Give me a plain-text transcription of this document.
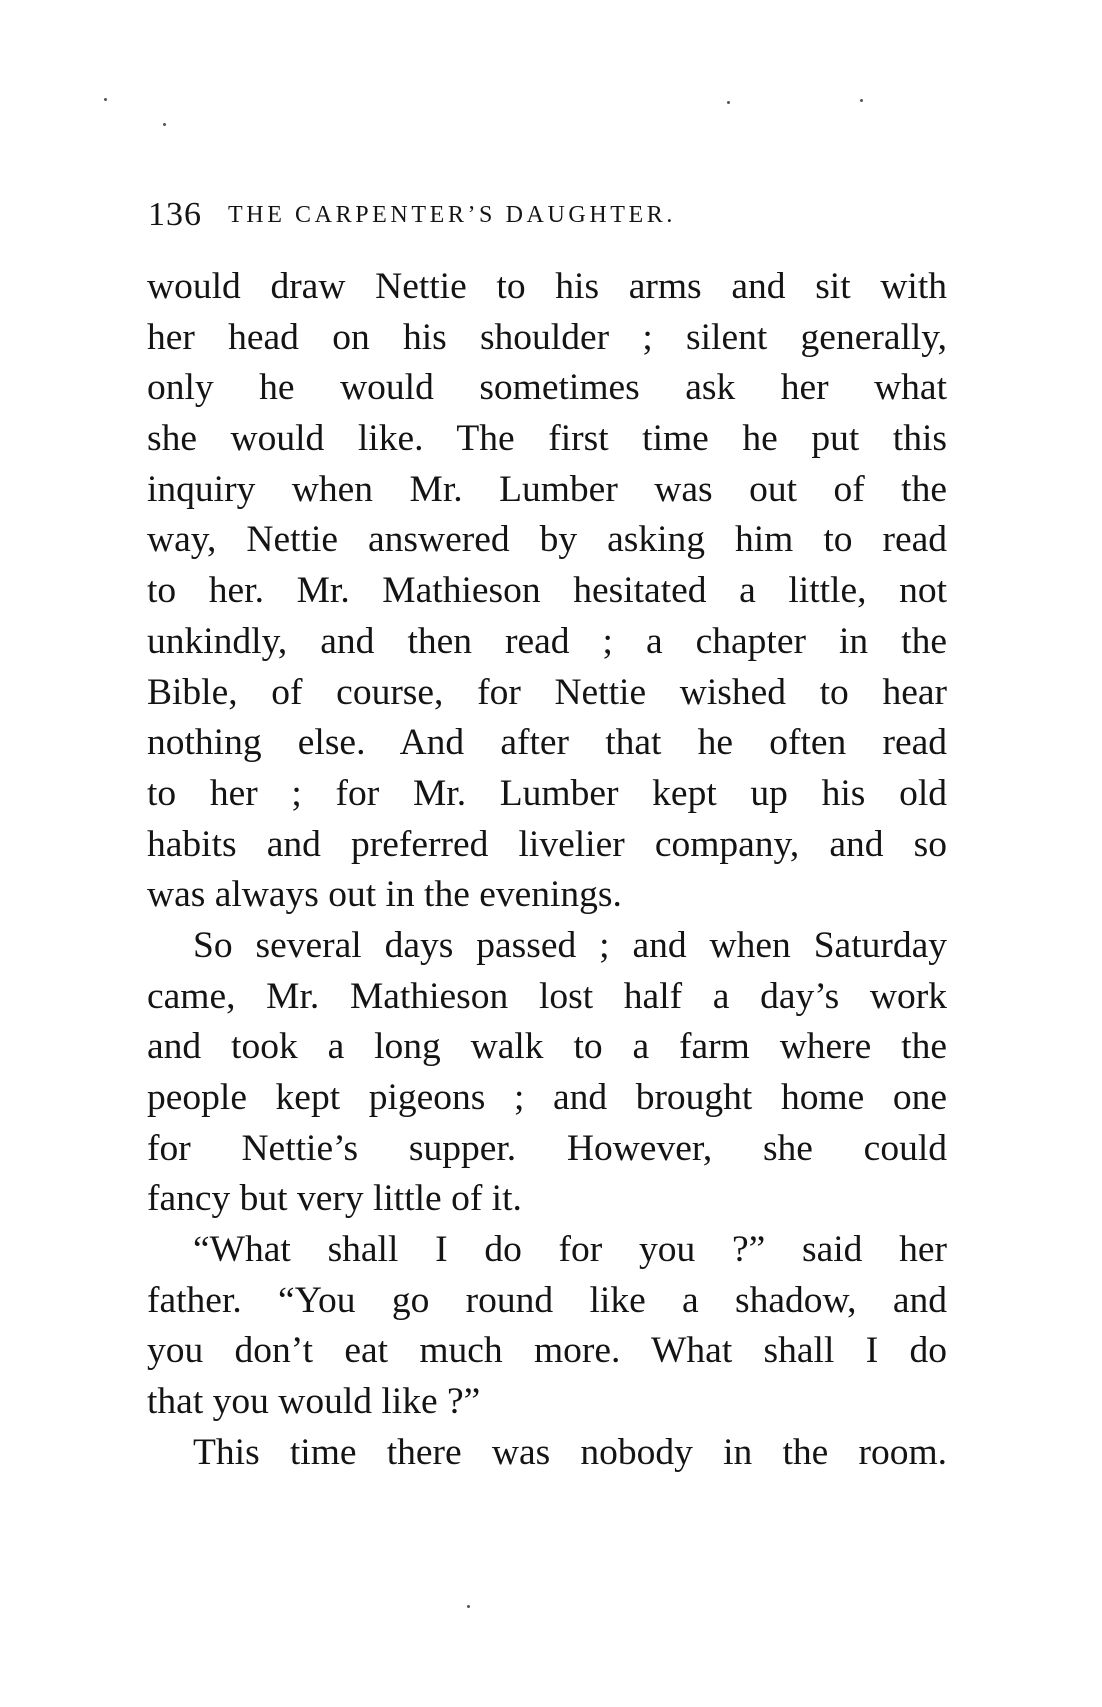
136 THE CARPENTER’S DAUGHTER.
would draw Nettie to his arms and sit with
her head on his shoulder ; silent generally,
only he would sometimes ask her what
she would like. The first time he put this
inquiry when Mr. Lumber was out of the
way, Nettie answered by asking him to read
to her. Mr. Mathieson hesitated a little, not
unkindly, and then read ; a chapter in the
Bible, of course, for Nettie wished to hear
nothing else. And after that he often read
to her ; for Mr. Lumber kept up his old
habits and preferred livelier company, and so
was always out in the evenings.
So several days passed ; and when Saturday
came, Mr. Mathieson lost half a day’s work
and took a long walk to a farm where the
people kept pigeons ; and brought home one
for Nettie’s supper. However, she could
fancy but very little of it.
“What shall I do for you ?” said her
father. “You go round like a shadow, and
you don’t eat much more. What shall I do
that you would like ?”
This time there was nobody in the room.
